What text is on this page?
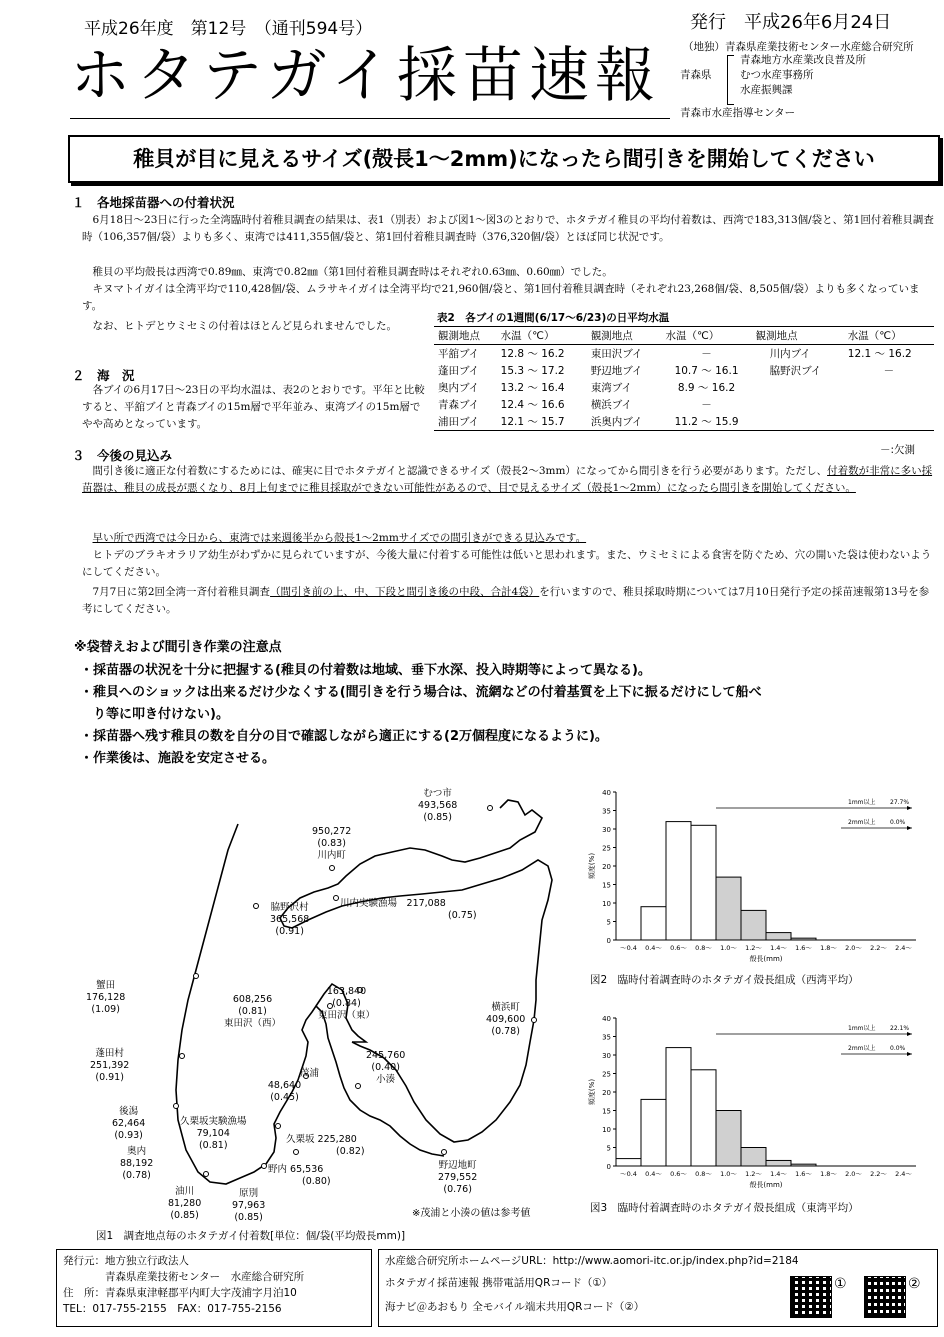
平成26年度　第12号　（通刊594号）	発行　平成26年6月24日
ホタテガイ採苗速報 （地独）青森県産業技術センター水産総合研究所
青森県
青森地方水産業改良普及所
むつ水産事務所
水産振興課
青森市水産指導センター
稚貝が目に見えるサイズ(殻長1～2mm)になったら間引きを開始してください
１　各地採苗器への付着状況
6月18日～23日に行った全湾臨時付着稚貝調査の結果は、表1（別表）および図1～図3のとおりで、ホタテガイ稚貝の平均付着数は、西湾で183,313個/袋と、第1回付着稚貝調査時（106,357個/袋）よりも多く、東湾では411,355個/袋と、第1回付着稚貝調査時（376,320個/袋）とほぼ同じ状況です。
稚貝の平均殻長は西湾で0.89㎜、東湾で0.82㎜（第1回付着稚貝調査時はそれぞれ0.63㎜、0.60㎜）でした。
キヌマトイガイは全湾平均で110,428個/袋、ムラサキイガイは全湾平均で21,960個/袋と、第1回付着稚貝調査時（それぞれ23,268個/袋、8,505個/袋）よりも多くなっています。
なお、ヒトデとウミセミの付着はほとんど見られませんでした。
２　海　況
各ブイの6月17日～23日の平均水温は、表2のとおりです。平年と比較すると、平舘ブイと青森ブイの15m層で平年並み、東湾ブイの15m層でやや高めとなっています。
表2　各ブイの1週間(6/17～6/23)の日平均水温
観測地点	水温（℃）	観測地点	水温（℃）	観測地点	水温（℃）
平舘ブイ	12.8 ～ 16.2	東田沢ブイ	－	川内ブイ	12.1 ～ 16.2
蓬田ブイ	15.3 ～ 17.2	野辺地ブイ	10.7 ～ 16.1	脇野沢ブイ	－
奥内ブイ	13.2 ～ 16.4	東湾ブイ	8.9 ～ 16.2		
青森ブイ	12.4 ～ 16.6	横浜ブイ	－		
浦田ブイ	12.1 ～ 15.7	浜奥内ブイ	11.2 ～ 15.9		
－:欠測
３　今後の見込み
間引き後に適正な付着数にするためには、確実に目でホタテガイと認識できるサイズ（殻長2～3mm）になってから間引きを行う必要があります。ただし、付着数が非常に多い採苗器は、稚貝の成長が悪くなり、8月上旬までに稚貝採取ができない可能性があるので、目で見えるサイズ（殻長1～2mm）になったら間引きを開始してください。
早い所で西湾では今日から、東湾では来週後半から殻長1～2mmサイズでの間引きができる見込みです。
ヒトデのブラキオラリア幼生がわずかに見られていますが、今後大量に付着する可能性は低いと思われます。また、ウミセミによる食害を防ぐため、穴の開いた袋は使わないようにしてください。
7月7日に第2回全湾一斉付着稚貝調査（間引き前の上、中、下段と間引き後の中段、合計4袋）を行いますので、稚貝採取時期については7月10日発行予定の採苗速報第13号を参考にしてください。
※袋替えおよび間引き作業の注意点
・採苗器の状況を十分に把握する(稚貝の付着数は地域、垂下水深、投入時期等によって異なる)。
・稚貝へのショックは出来るだけ少なくする(間引きを行う場合は、流網などの付着基質を上下に振るだけにして船べ
　り等に叩き付けない)。
・採苗器へ残す稚貝の数を自分の目で確認しながら適正にする(2万個程度になるように)。
・作業後は、施設を安定させる。
むつ市
493,568
(0.85)
950,272
(0.83)
川内町
脇野沢村
365,568
(0.91)
川内実験漁場　 217,088
(0.75)
蟹田
176,128
(1.09)
608,256
(0.81)
東田沢（西）
163,840
(0.84)
東田沢（東）
横浜町
409,600
(0.78)
蓬田村
251,392
(0.91)
245,760
(0.40)
小湊
茂浦
48,640
(0.45)
後潟
62,464
(0.93)
久栗坂実験漁場
79,104
(0.81)
久栗坂 225,280
(0.82)
奥内
88,192
(0.78)
野内 65,536
(0.80)
野辺地町
279,552
(0.76)
油川
81,280
(0.85)
原別
97,963
(0.85)	※茂浦と小湊の値は参考値
図1　調査地点毎のホタテガイ付着数[単位：個/袋(平均殻長mm)]
0
5
10
15
20
25
30
35
40
頻度(%)
～0.4 0.4～ 0.6～ 0.8～ 1.0～ 1.2～ 1.4～ 1.6～ 1.8～ 2.0～ 2.2～ 2.4～
殻長(mm)
1mm以上 27.7%
2mm以上 0.0%
図2　臨時付着調査時のホタテガイ殻長組成（西湾平均）
0
5
10
15
20
25
30
35
40
頻度(%)
～0.4 0.4～ 0.6～ 0.8～ 1.0～ 1.2～ 1.4～ 1.6～ 1.8～ 2.0～ 2.2～ 2.4～
殻長(mm)
1mm以上 22.1%
2mm以上 0.0%
図3　臨時付着調査時のホタテガイ殻長組成（東湾平均）
発行元：地方独立行政法人
　　　　青森県産業技術センター　水産総合研究所
住　所：青森県東津軽郡平内町大字茂浦字月泊10
TEL：017-755-2155　FAX：017-755-2156
水産総合研究所ホームページURL：http://www.aomori-itc.or.jp/index.php?id=2184
ホタテガイ採苗速報 携帯電話用QRコード（①）
海ナビ＠あおもり 全モバイル端末共用QRコード（②）
①	②
